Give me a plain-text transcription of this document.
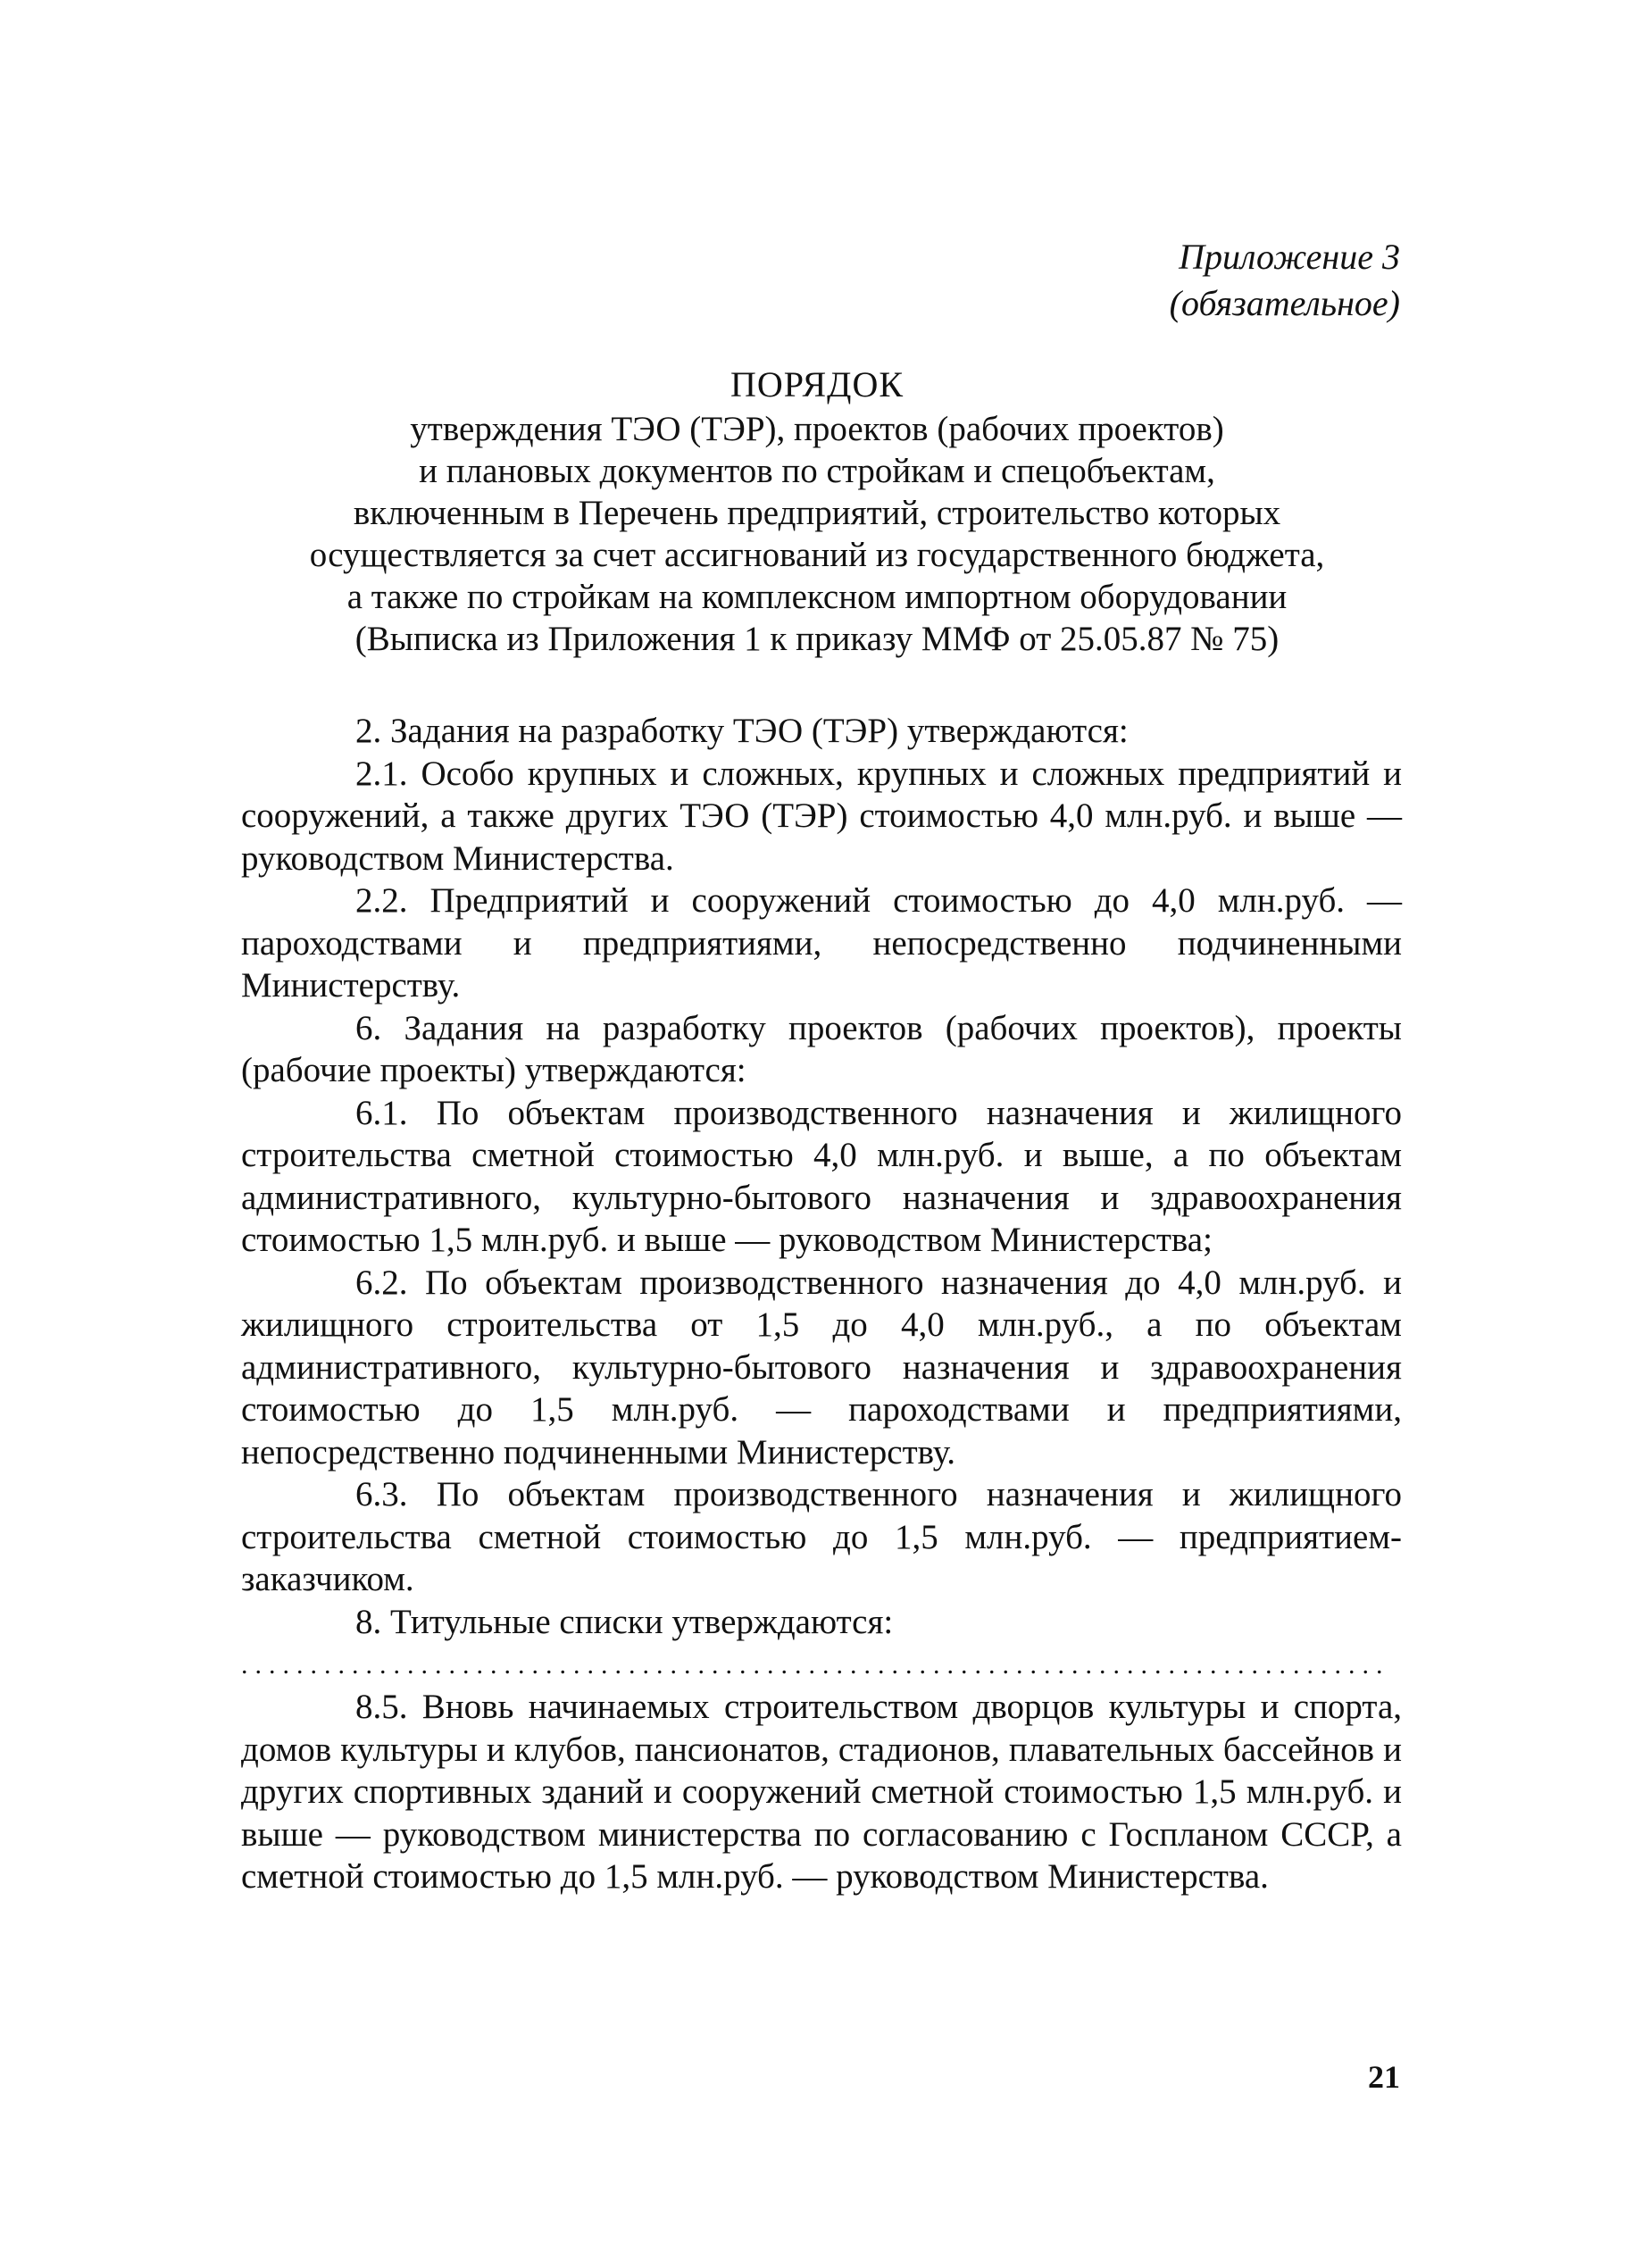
Приложение 3
(обязательное)
ПОРЯДОК
утверждения ТЭО (ТЭР), проектов (рабочих проектов)
и плановых документов по стройкам и спецобъектам,
включенным в Перечень предприятий, строительство которых
осуществляется за счет ассигнований из государственного бюджета,
а также по стройкам на комплексном импортном оборудовании
(Выписка из Приложения 1 к приказу ММФ от 25.05.87 № 75)

2. Задания на разработку ТЭО (ТЭР) утверждаются:

2.1. Особо крупных и сложных, крупных и сложных предприятий и сооружений, а также других ТЭО (ТЭР) стоимостью 4,0 млн.руб. и выше — руководством Министерства.

2.2. Предприятий и сооружений стоимостью до 4,0 млн.руб. — пароходствами и предприятиями, непосредственно подчиненными Министерству.

6. Задания на разработку проектов (рабочих проектов), проекты (рабочие проекты) утверждаются:

6.1. По объектам производственного назначения и жилищного строительства сметной стоимостью 4,0 млн.руб. и выше, а по объектам административного, культурно-бытового назначения и здравоохранения стоимостью 1,5 млн.руб. и выше — руководством Министерства;

6.2. По объектам производственного назначения до 4,0 млн.руб. и жилищного строительства от 1,5 до 4,0 млн.руб., а по объектам административного, культурно-бытового назначения и здравоохранения стоимостью до 1,5 млн.руб. — пароходствами и предприятиями, непосредственно подчиненными Министерству.

6.3. По объектам производственного назначения и жилищного строительства сметной стоимостью до 1,5 млн.руб. — предприятием-заказчиком.

8. Титульные списки утверждаются:

...................................................................................

8.5. Вновь начинаемых строительством дворцов культуры и спорта, домов культуры и клубов, пансионатов, стадионов, плавательных бассейнов и других спортивных зданий и сооружений сметной стоимостью 1,5 млн.руб. и выше — руководством министерства по согласованию с Госпланом СССР, а сметной стоимостью до 1,5 млн.руб. — руководством Министерства.

21
